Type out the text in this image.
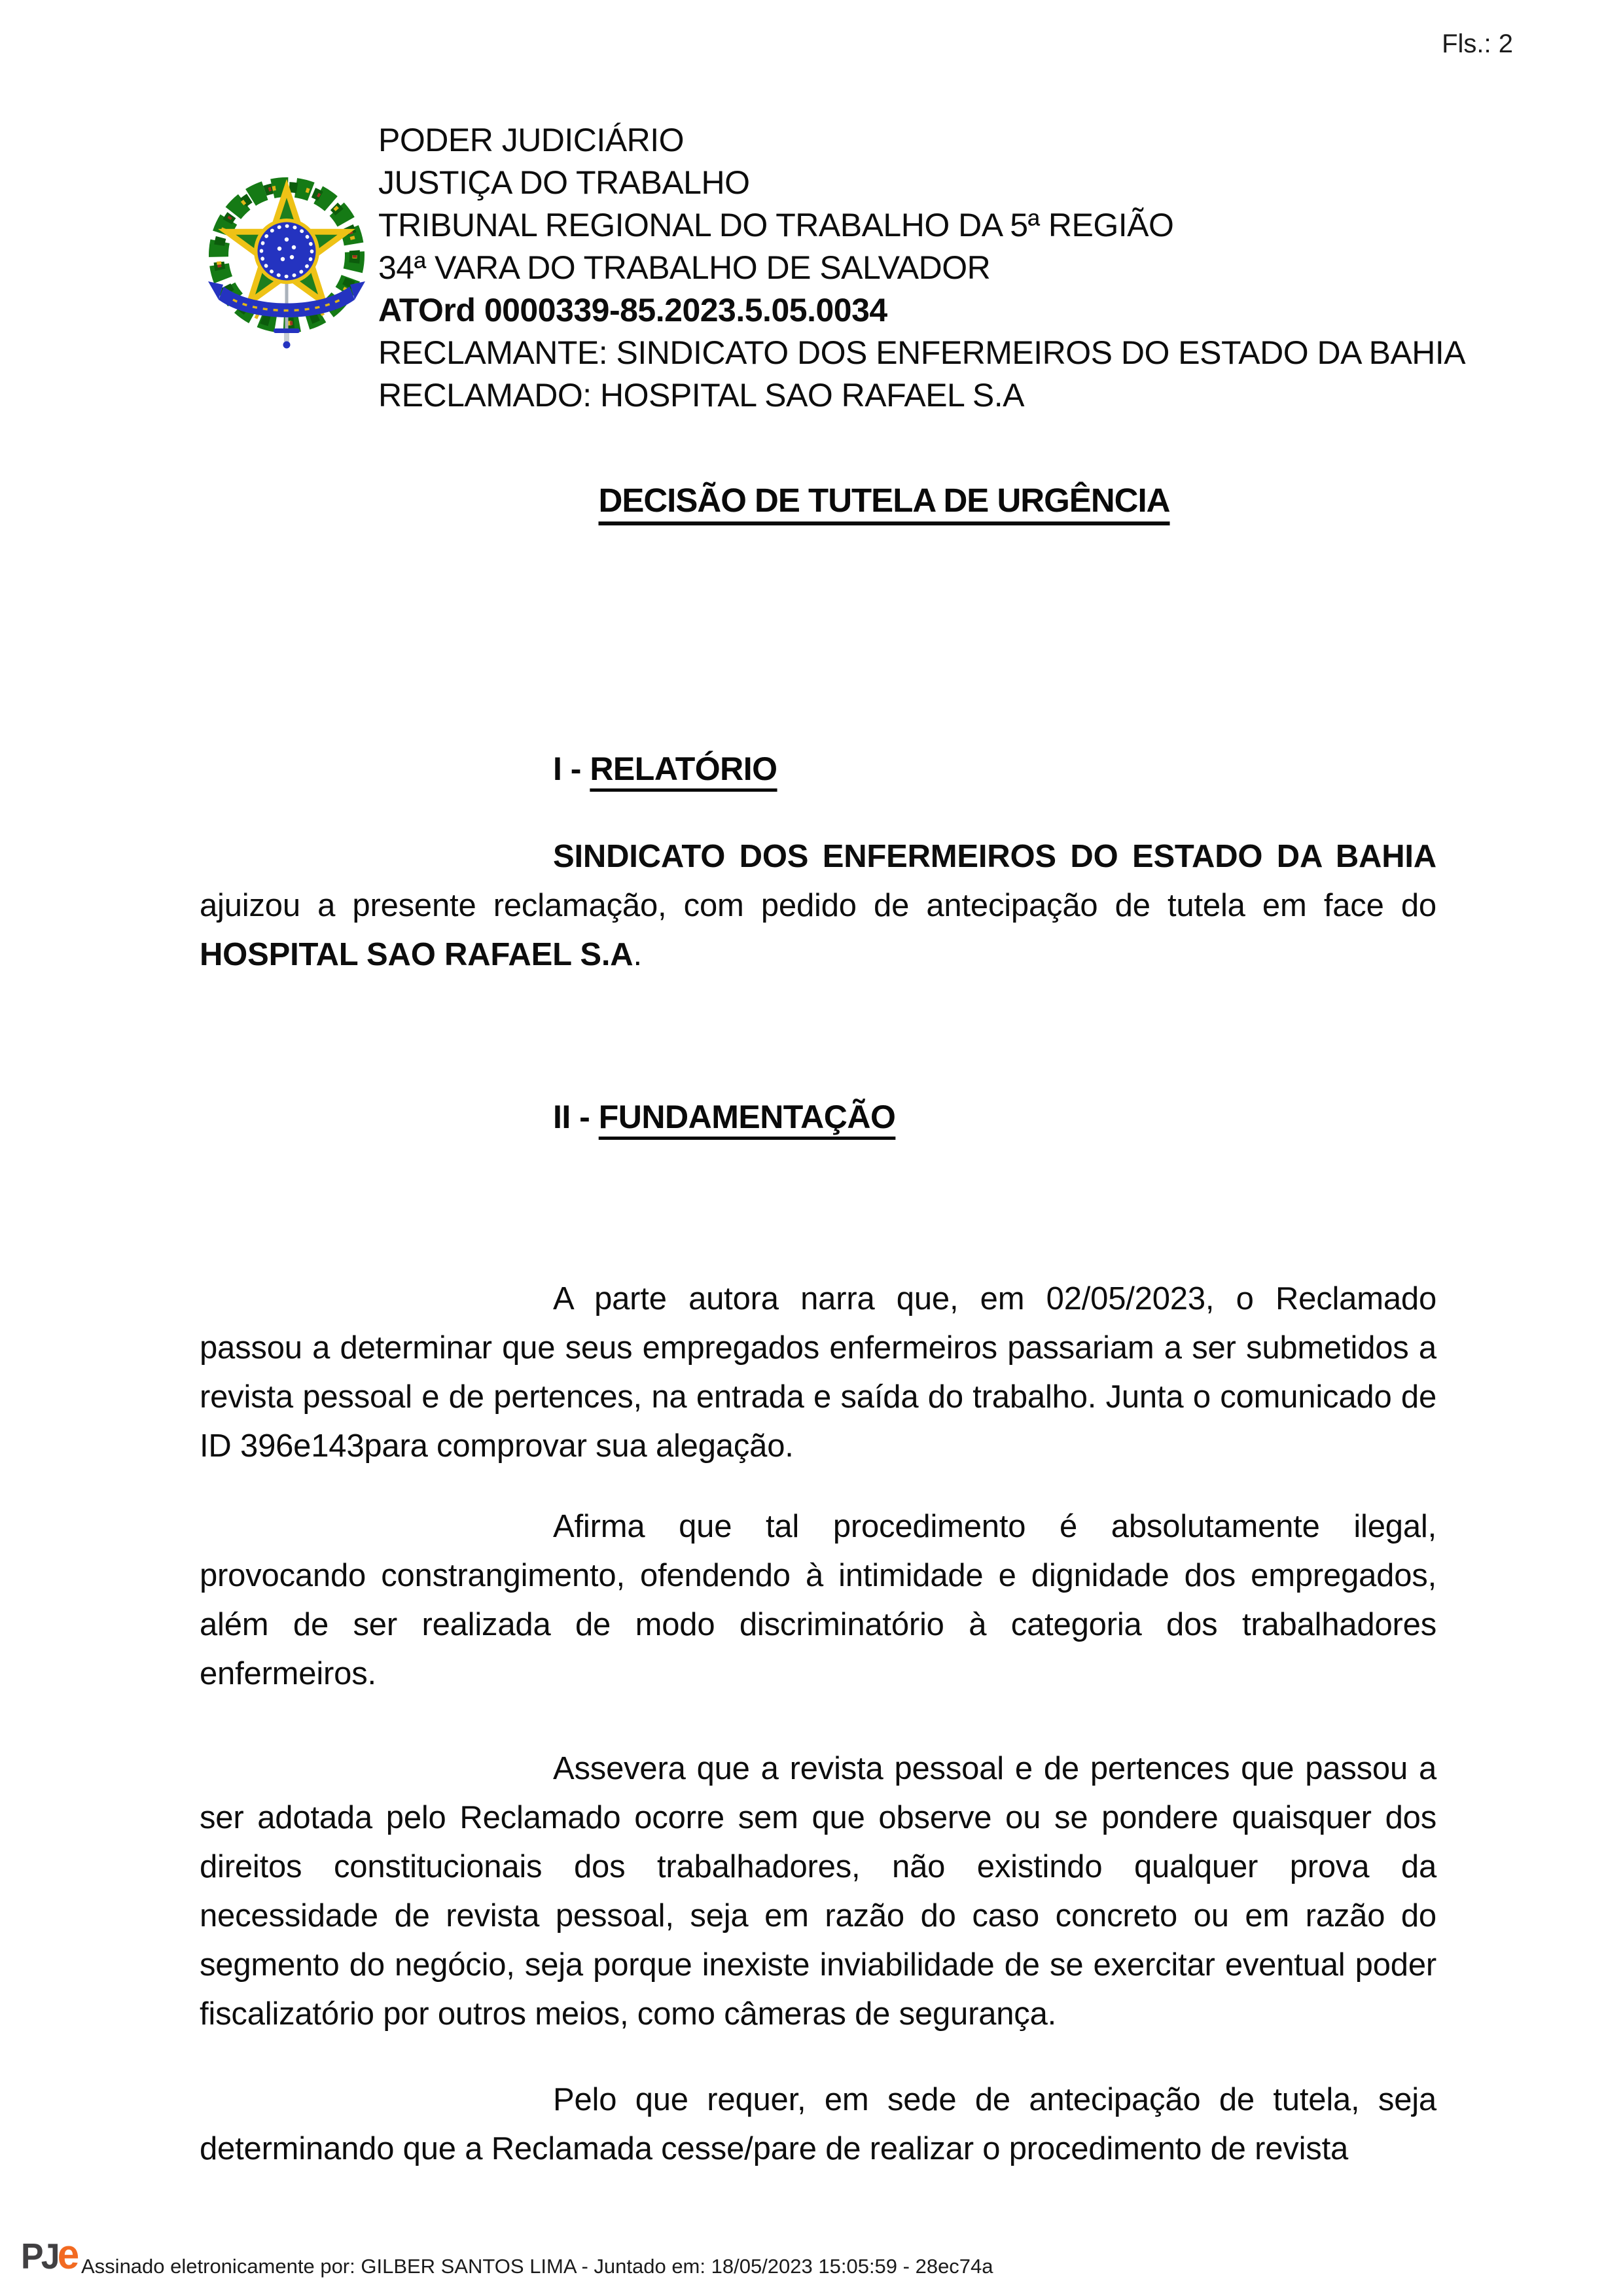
Fls.: 2
PODER JUDICIÁRIO
JUSTIÇA DO TRABALHO
TRIBUNAL REGIONAL DO TRABALHO DA 5ª REGIÃO
34ª VARA DO TRABALHO DE SALVADOR
ATOrd 0000339-85.2023.5.05.0034
RECLAMANTE: SINDICATO DOS ENFERMEIROS DO ESTADO DA BAHIA
RECLAMADO: HOSPITAL SAO RAFAEL S.A
DECISÃO DE TUTELA DE URGÊNCIA

I - RELATÓRIO

SINDICATO DOS ENFERMEIROS DO ESTADO DA BAHIA ajuizou a presente reclamação, com pedido de antecipação de tutela em face do HOSPITAL SAO RAFAEL S.A.

II - FUNDAMENTAÇÃO

A parte autora narra que, em 02/05/2023, o Reclamado passou a determinar que seus empregados enfermeiros passariam a ser submetidos a revista pessoal e de pertences, na entrada e saída do trabalho. Junta o comunicado de ID 396e143para comprovar sua alegação.

Afirma que tal procedimento é absolutamente ilegal, provocando constrangimento, ofendendo à intimidade e dignidade dos empregados, além de ser realizada de modo discriminatório à categoria dos trabalhadores enfermeiros.

Assevera que a revista pessoal e de pertences que passou a ser adotada pelo Reclamado ocorre sem que observe ou se pondere quaisquer dos direitos constitucionais dos trabalhadores, não existindo qualquer prova da necessidade de revista pessoal, seja em razão do caso concreto ou em razão do segmento do negócio, seja porque inexiste inviabilidade de se exercitar eventual poder fiscalizatório por outros meios, como câmeras de segurança.

Pelo que requer, em sede de antecipação de tutela, seja determinando que a Reclamada cesse/pare de realizar o procedimento de revista

PJe Assinado eletronicamente por: GILBER SANTOS LIMA - Juntado em: 18/05/2023 15:05:59 - 28ec74a
